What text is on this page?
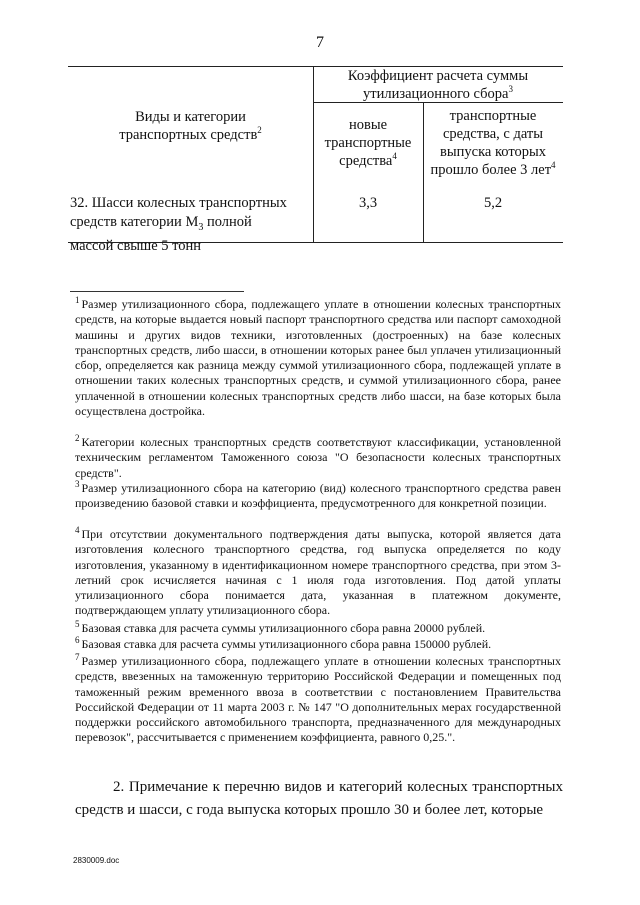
7
Виды и категории
транспортных средств$^2$
Коэффициент расчета суммы
утилизационного сбора$^3$
новые
транспортные
средства$^4$
транспортные
средства, с даты
выпуска которых
прошло более 3 лет$^4$
32. Шасси колесных транспортных
средств категории $M_3$ полной
массой свыше 5 тонн
3,3	5,2
$^1$ Размер утилизационного сбора, подлежащего уплате в отношении колесных транспортных средств, на которые выдается новый паспорт транспортного средства или паспорт самоходной машины и других видов техники, изготовленных (достроенных) на базе колесных транспортных средств, либо шасси, в отношении которых ранее был уплачен утилизационный сбор, определяется как разница между суммой утилизационного сбора, подлежащей уплате в отношении таких колесных транспортных средств, и суммой утилизационного сбора, ранее уплаченной в отношении колесных транспортных средств либо шасси, на базе которых была осуществлена достройка.
$^2$ Категории колесных транспортных средств соответствуют классификации, установленной техническим регламентом Таможенного союза "О безопасности колесных транспортных средств".
$^3$ Размер утилизационного сбора на категорию (вид) колесного транспортного средства равен произведению базовой ставки и коэффициента, предусмотренного для конкретной позиции.
$^4$ При отсутствии документального подтверждения даты выпуска, которой является дата изготовления колесного транспортного средства, год выпуска определяется по коду изготовления, указанному в идентификационном номере транспортного средства, при этом 3-летний срок исчисляется начиная с 1 июля года изготовления. Под датой уплаты утилизационного сбора понимается дата, указанная в платежном документе, подтверждающем уплату утилизационного сбора.
$^5$ Базовая ставка для расчета суммы утилизационного сбора равна 20000 рублей.
$^6$ Базовая ставка для расчета суммы утилизационного сбора равна 150000 рублей.
$^7$ Размер утилизационного сбора, подлежащего уплате в отношении колесных транспортных средств, ввезенных на таможенную территорию Российской Федерации и помещенных под таможенный режим временного ввоза в соответствии с постановлением Правительства Российской Федерации от 11 марта 2003 г. № 147 "О дополнительных мерах государственной поддержки российского автомобильного транспорта, предназначенного для международных перевозок", рассчитывается с применением коэффициента, равного 0,25.".
2. Примечание к перечню видов и категорий колесных транспортных средств и шасси, с года выпуска которых прошло 30 и более лет, которые
2830009.doc
